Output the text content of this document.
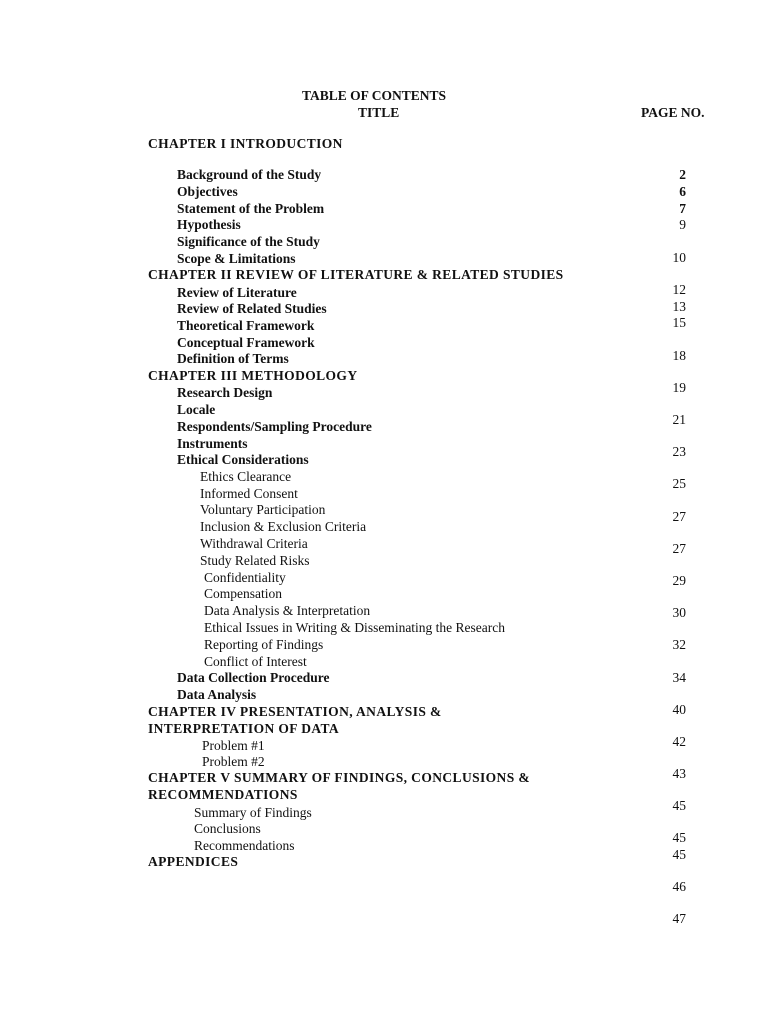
TABLE OF CONTENTS
TITLE	PAGE NO.
CHAPTER I INTRODUCTION
Background of the Study
Objectives
Statement of the Problem
Hypothesis
Significance of the Study
Scope & Limitations
CHAPTER II REVIEW OF LITERATURE & RELATED STUDIES
Review of Literature
Review of Related Studies
Theoretical Framework
Conceptual Framework
Definition of Terms
CHAPTER III METHODOLOGY
Research Design
Locale
Respondents/Sampling Procedure
Instruments
Ethical Considerations
Ethics Clearance
Informed Consent
Voluntary Participation
Inclusion & Exclusion Criteria
Withdrawal Criteria
Study Related Risks
Confidentiality
Compensation
Data Analysis & Interpretation
Ethical Issues in Writing & Disseminating the Research
Reporting of Findings
Conflict of Interest
Data Collection Procedure
Data Analysis
CHAPTER IV PRESENTATION, ANALYSIS &
INTERPRETATION OF DATA
Problem #1
Problem #2
CHAPTER V SUMMARY OF FINDINGS, CONCLUSIONS &
RECOMMENDATIONS
Summary of Findings
Conclusions
Recommendations
APPENDICES
2
6
7
9
10
12
13
15
18
19
21
23
25
27
27
29
30
32
34
40
42
43
45
45
45
46
47
